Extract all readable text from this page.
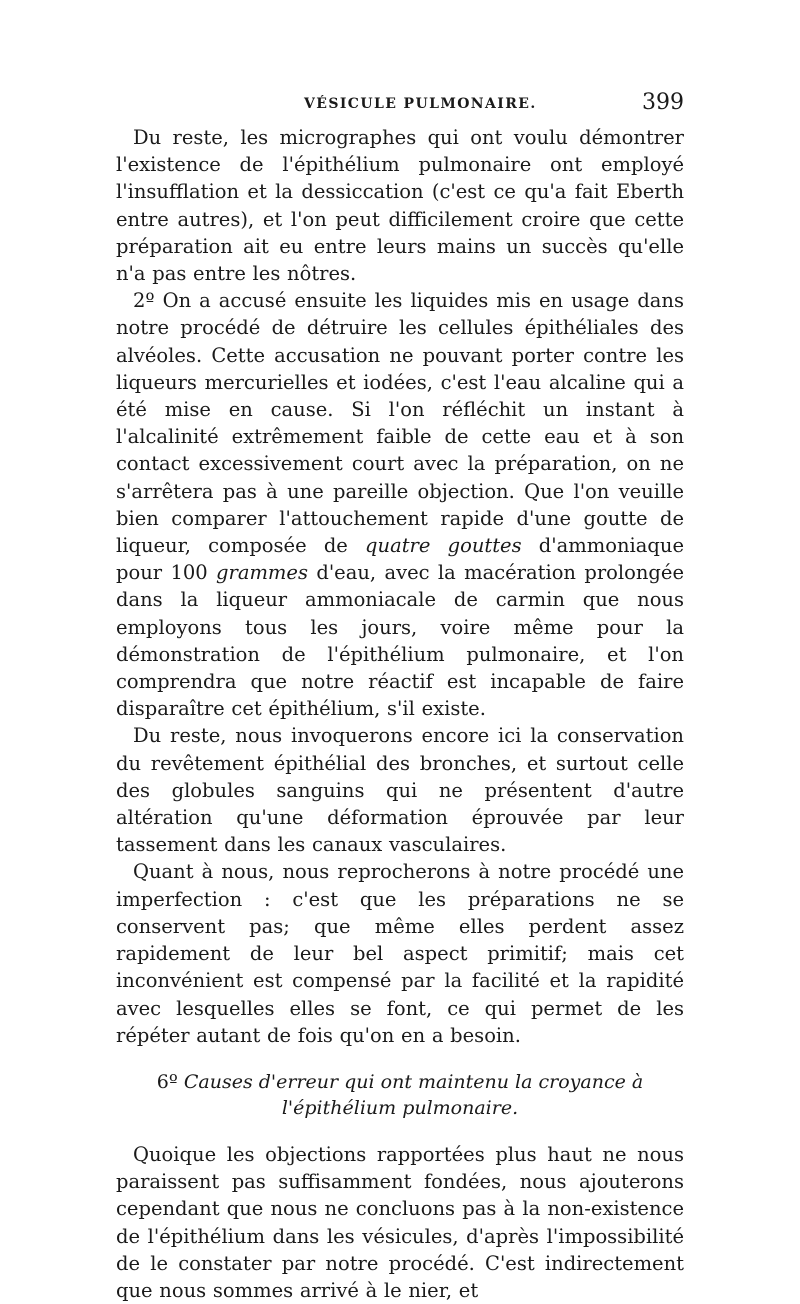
VÉSICULE PULMONAIRE.	399

Du reste, les micrographes qui ont voulu démontrer l'existence de l'épithélium pulmonaire ont employé l'insufflation et la dessiccation (c'est ce qu'a fait Eberth entre autres), et l'on peut difficilement croire que cette préparation ait eu entre leurs mains un succès qu'elle n'a pas entre les nôtres.

2º On a accusé ensuite les liquides mis en usage dans notre procédé de détruire les cellules épithéliales des alvéoles. Cette accusation ne pouvant porter contre les liqueurs mercurielles et iodées, c'est l'eau alcaline qui a été mise en cause. Si l'on réfléchit un instant à l'alcalinité extrêmement faible de cette eau et à son contact excessivement court avec la préparation, on ne s'arrêtera pas à une pareille objection. Que l'on veuille bien comparer l'attouchement rapide d'une goutte de liqueur, composée de quatre gouttes d'ammoniaque pour 100 grammes d'eau, avec la macération prolongée dans la liqueur ammoniacale de carmin que nous employons tous les jours, voire même pour la démonstration de l'épithélium pulmonaire, et l'on comprendra que notre réactif est incapable de faire disparaître cet épithélium, s'il existe.

Du reste, nous invoquerons encore ici la conservation du revêtement épithélial des bronches, et surtout celle des globules sanguins qui ne présentent d'autre altération qu'une déformation éprouvée par leur tassement dans les canaux vasculaires.

Quant à nous, nous reprocherons à notre procédé une imperfection : c'est que les préparations ne se conservent pas; que même elles perdent assez rapidement de leur bel aspect primitif; mais cet inconvénient est compensé par la facilité et la rapidité avec lesquelles elles se font, ce qui permet de les répéter autant de fois qu'on en a besoin.

6º Causes d'erreur qui ont maintenu la croyance à l'épithélium pulmonaire.

Quoique les objections rapportées plus haut ne nous paraissent pas suffisamment fondées, nous ajouterons cependant que nous ne concluons pas à la non-existence de l'épithélium dans les vésicules, d'après l'impossibilité de le constater par notre procédé. C'est indirectement que nous sommes arrivé à le nier, et
